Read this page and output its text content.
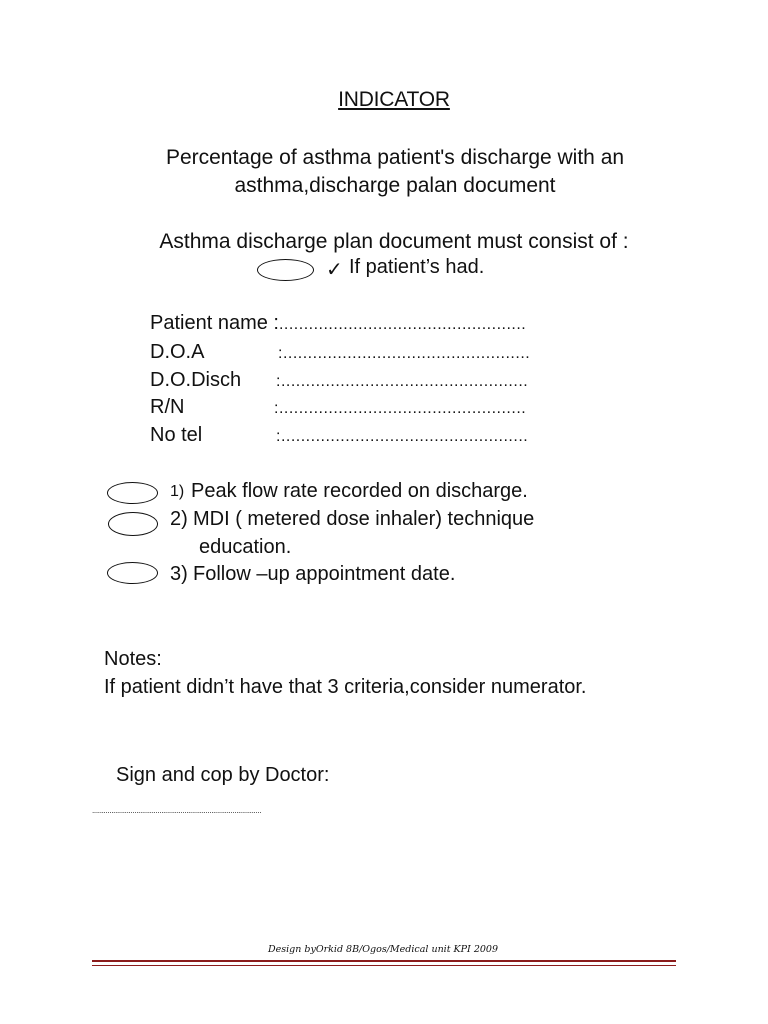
INDICATOR
Percentage of asthma patient's discharge with an
asthma,discharge palan document
Asthma discharge plan document must consist of :
✓ If patient’s had.
Patient name :..................................................
D.O.A	:..................................................
D.O.Disch :..................................................
R/N	:..................................................
No tel	:..................................................
1) Peak flow rate recorded on discharge.
2) MDI ( metered dose inhaler) technique
education.
3) Follow –up appointment date.
Notes:
If patient didn’t have that 3 criteria,consider numerator.
Sign and cop by Doctor:
........................................................................................
Design byOrkid 8B/Ogos/Medical unit KPI 2009
